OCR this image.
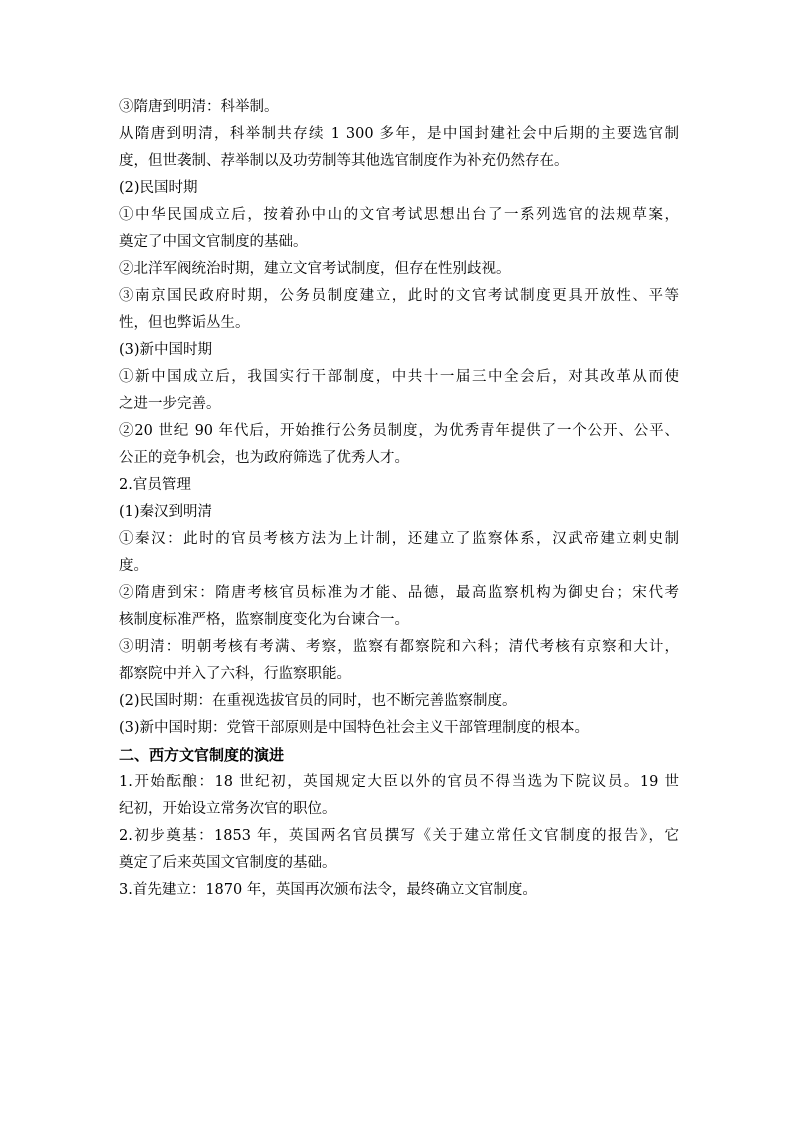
③隋唐到明清：科举制。
从隋唐到明清，科举制共存续 1 300 多年，是中国封建社会中后期的主要选官制
度，但世袭制、荐举制以及功劳制等其他选官制度作为补充仍然存在。
(2)民国时期
①中华民国成立后，按着孙中山的文官考试思想出台了一系列选官的法规草案，
奠定了中国文官制度的基础。
②北洋军阀统治时期，建立文官考试制度，但存在性别歧视。
③南京国民政府时期，公务员制度建立，此时的文官考试制度更具开放性、平等
性，但也弊诟丛生。
(3)新中国时期
①新中国成立后，我国实行干部制度，中共十一届三中全会后，对其改革从而使
之进一步完善。
②20 世纪 90 年代后，开始推行公务员制度，为优秀青年提供了一个公开、公平、
公正的竞争机会，也为政府筛选了优秀人才。
2.官员管理
(1)秦汉到明清
①秦汉：此时的官员考核方法为上计制，还建立了监察体系，汉武帝建立刺史制
度。
②隋唐到宋：隋唐考核官员标准为才能、品德，最高监察机构为御史台；宋代考
核制度标准严格，监察制度变化为台谏合一。
③明清：明朝考核有考满、考察，监察有都察院和六科；清代考核有京察和大计，
都察院中并入了六科，行监察职能。
(2)民国时期：在重视选拔官员的同时，也不断完善监察制度。
(3)新中国时期：党管干部原则是中国特色社会主义干部管理制度的根本。
二、西方文官制度的演进
1.开始酝酿：18 世纪初，英国规定大臣以外的官员不得当选为下院议员。19 世
纪初，开始设立常务次官的职位。
2.初步奠基：1853 年，英国两名官员撰写《关于建立常任文官制度的报告》，它
奠定了后来英国文官制度的基础。
3.首先建立：1870 年，英国再次颁布法令，最终确立文官制度。
